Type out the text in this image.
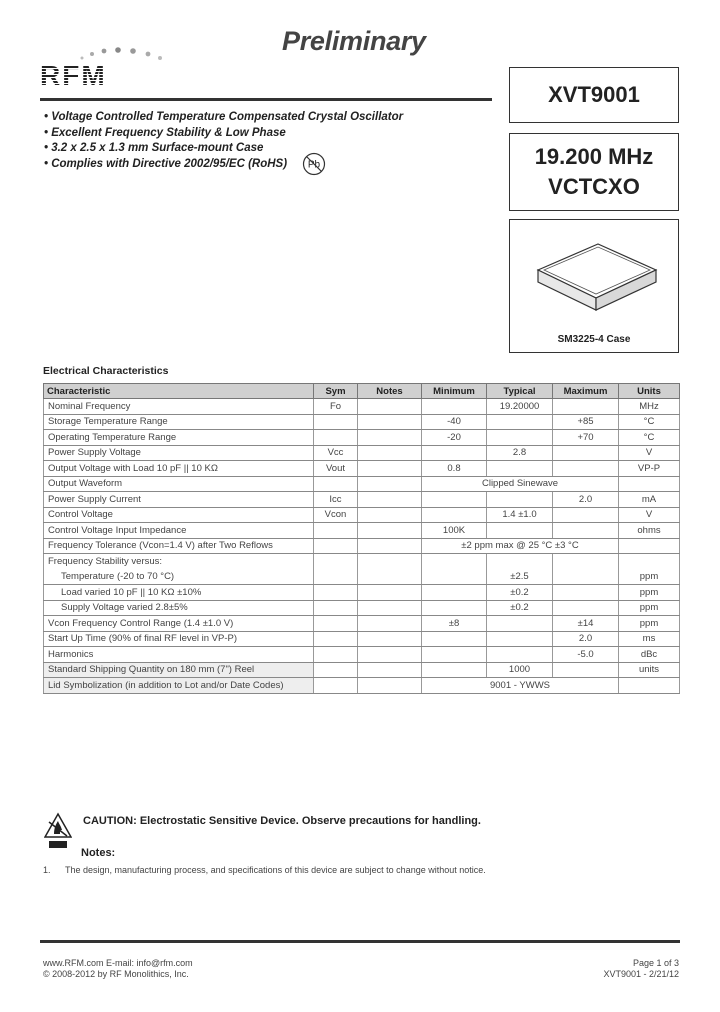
Preliminary
RFM
XVT9001
19.200 MHz
VCTCXO
SM3225-4 Case
• Voltage Controlled Temperature Compensated Crystal Oscillator
• Excellent Frequency Stability & Low Phase
• 3.2 x 2.5 x 1.3 mm Surface-mount Case
• Complies with Directive 2002/95/EC (RoHS)	Pb
Electrical Characteristics
Characteristic	Sym	Notes	Minimum	Typical	Maximum	Units
Nominal Frequency	Fo			19.20000		MHz
Storage Temperature Range			-40		+85	°C
Operating Temperature Range			-20		+70	°C
Power Supply Voltage	Vcc			2.8		V
Output Voltage with Load 10 pF || 10 KΩ	Vout		0.8			VP-P
Output Waveform			Clipped Sinewave			
Power Supply Current	Icc				2.0	mA
Control Voltage	Vcon			1.4 ±1.0		V
Control Voltage Input Impedance			100K			ohms
Frequency Tolerance (Vcon=1.4 V) after Two Reflows			±2 ppm max @ 25 °C ±3 °C			
Frequency Stability versus:						
Temperature (-20 to 70 °C)				±2.5		ppm
Load varied 10 pF || 10 KΩ ±10%				±0.2		ppm
Supply Voltage varied 2.8±5%				±0.2		ppm
Vcon Frequency Control Range (1.4 ±1.0 V)			±8		±14	ppm
Start Up Time (90% of final RF level in VP-P)					2.0	ms
Harmonics					-5.0	dBc
Standard Shipping Quantity on 180 mm (7") Reel				1000		units
Lid Symbolization (in addition to Lot and/or Date Codes)			9001 - YWWS			
CAUTION: Electrostatic Sensitive Device. Observe precautions for handling.
Notes:
1. The design, manufacturing process, and specifications of this device are subject to change without notice.
www.RFM.com E-mail: info@rfm.com
© 2008-2012 by RF Monolithics, Inc.
Page 1 of 3
XVT9001 - 2/21/12
